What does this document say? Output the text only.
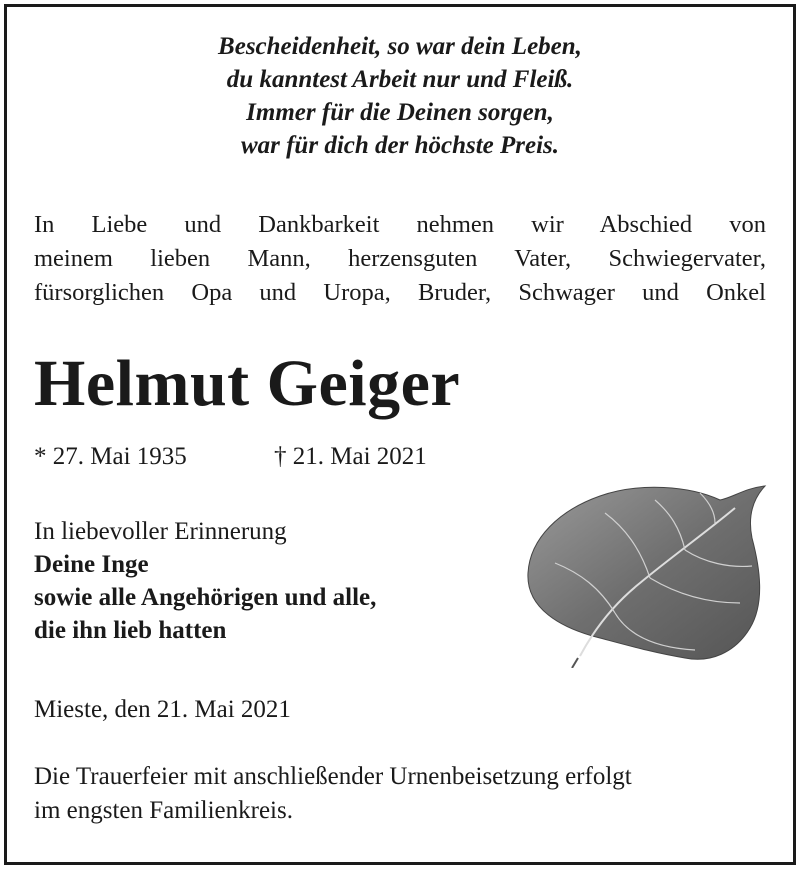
Bescheidenheit, so war dein Leben,
du kanntest Arbeit nur und Fleiß.
Immer für die Deinen sorgen,
war für dich der höchste Preis.
In Liebe und Dankbarkeit nehmen wir Abschied von
meinem lieben Mann, herzensguten Vater, Schwiegervater,
fürsorglichen Opa und Uropa, Bruder, Schwager und Onkel
Helmut Geiger
* 27. Mai 1935	† 21. Mai 2021
In liebevoller Erinnerung
Deine Inge
sowie alle Angehörigen und alle,
die ihn lieb hatten
Mieste, den 21. Mai 2021
Die Trauerfeier mit anschließender Urnenbeisetzung erfolgt
im engsten Familienkreis.
